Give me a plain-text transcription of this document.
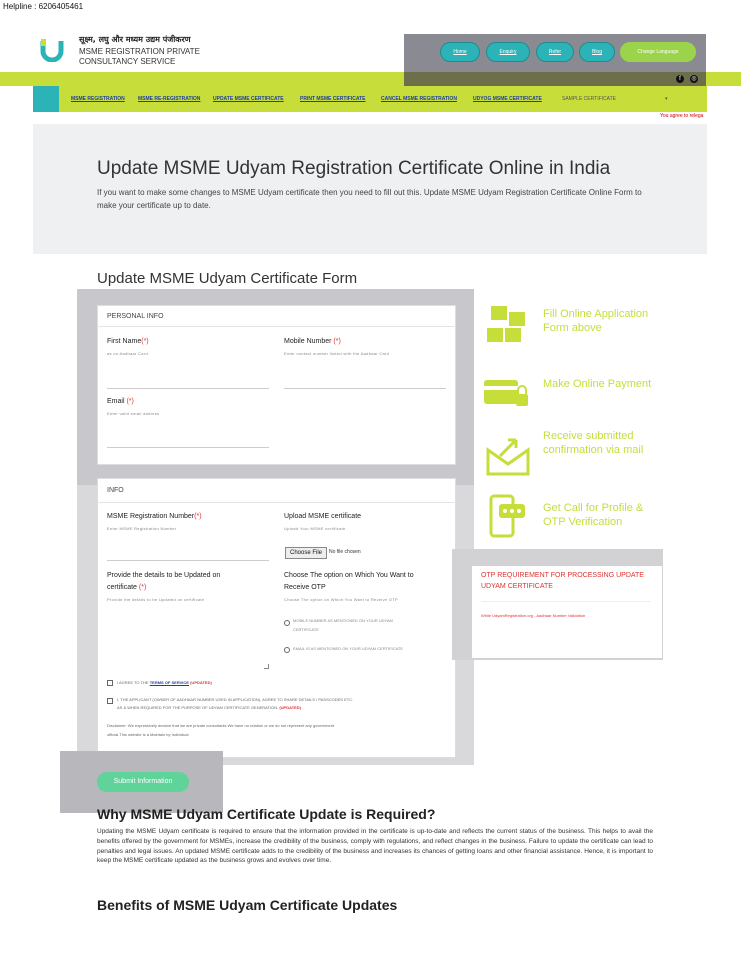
सूक्ष्म, लघु और मध्यम उद्यम पंजीकरण
MSME REGISTRATION PRIVATE
CONSULTANCY SERVICE
Home	Enquiry	Refer	Blog	Change Language
Helpline : 6206405461
f	◎
MSME REGISTRATION	MSME RE-REGISTRATION	UPDATE MSME CERTIFICATE	PRINT MSME CERTIFICATE	CANCEL MSME REGISTRATION	UDYOG MSME CERTIFICATE	SAMPLE CERTIFICATE	▾
You agree to relega
Update MSME Udyam Registration Certificate Online in India
If you want to make some changes to MSME Udyam certificate then you need to fill out this. Update MSME Udyam Registration Certificate Online Form to make your certificate up to date.
Update MSME Udyam Certificate Form
PERSONAL INFO
First Name(*)
as on Aadhaar Card
Mobile Number (*)
Enter contact number linked with the Aadhaar Card
Email (*)
Enter valid email address
INFO
MSME Registration Number(*)
Enter MSME Registration Number
Upload MSME certificate
Upload Your MSME certificate
Choose File	No file chosen
Provide the details to be Updated on
certificate (*)
Provide the details to be Updated on certificate
Choose The option on Which You Want to
Receive OTP
Choose The option on Which You Want to Receive OTP
MOBILE NUMBER AS MENTIONED ON YOUR UDYAM
CERTIFICATE
EMAIL IS AS MENTIONED ON YOUR UDYAM CERTIFICATE
I AGREE TO THE TERMS OF SERVICE (UPDATED)
I, THE APPLICANT (OWNER OF AADHAAR NUMBER USED IN APPLICATION), AGREE TO SHARE DETAILS / PASSCODES ETC.
AS & WHEN REQUIRED FOR THE PURPOSE OF UDYAM CERTIFICATE GENERATION. (UPDATED)
Disclaimer: We expressively declare that we are private consultants.We have no relation or we do not represent any government
official.This website is a Maintain by Individual
Submit Information
Fill Online Application Form above
Make Online Payment
Receive submitted confirmation via mail
Get Call for Profile & OTP Verification
OTP REQUIREMENT FOR PROCESSING UPDATE UDYAM CERTIFICATE
While UdyamRegistration.org - Aadhaar Number Validation
Why MSME Udyam Certificate Update is Required?
Updating the MSME Udyam certificate is required to ensure that the information provided in the certificate is up-to-date and reflects the current status of the business. This helps to avail the benefits offered by the government for MSMEs, increase the credibility of the business, comply with regulations, and reflect changes in the business. Failure to update the certificate can lead to penalties and legal issues. An updated MSME certificate adds to the credibility of the business and increases its chances of getting loans and other financial assistance. Hence, it is important to keep the MSME certificate updated as the business grows and evolves over time.
Benefits of MSME Udyam Certificate Updates
